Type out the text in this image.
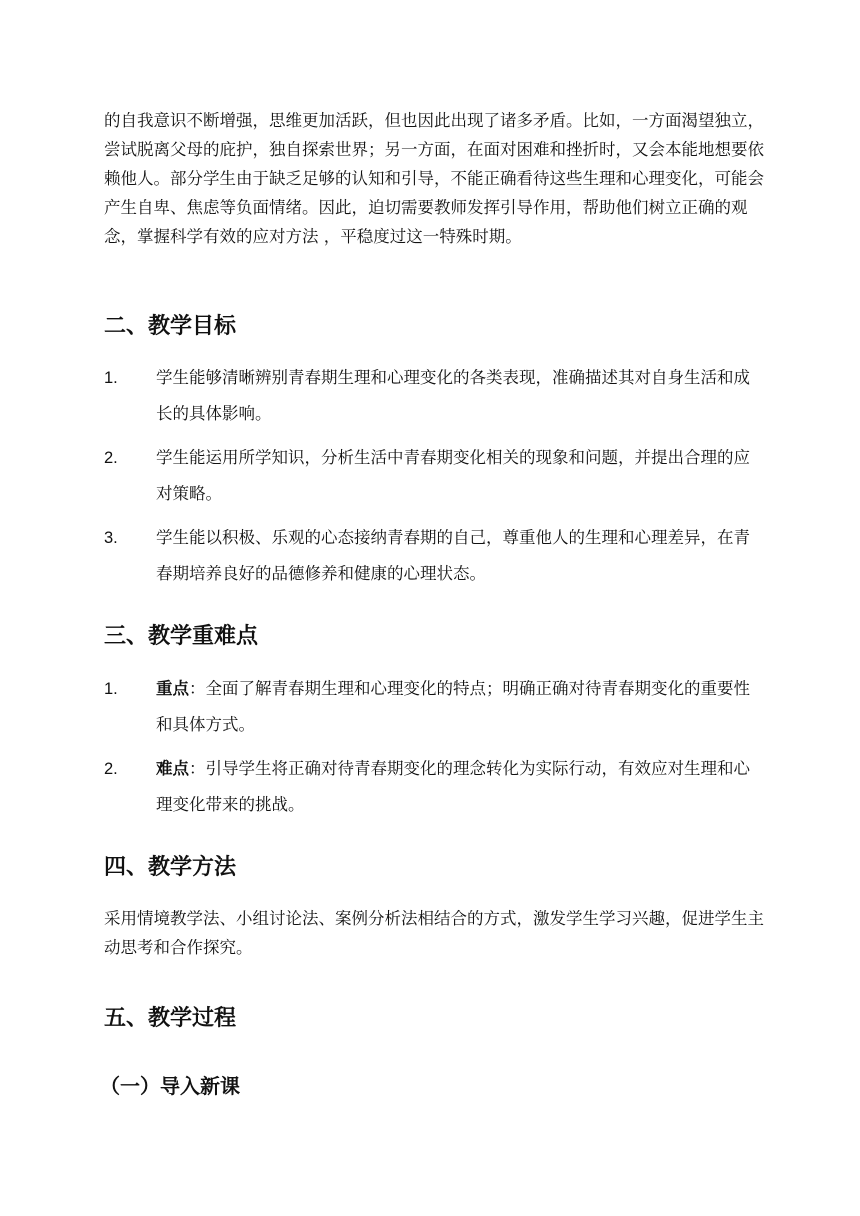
的自我意识不断增强，思维更加活跃，但也因此出现了诸多矛盾。比如，一方面渴望独立，尝试脱离父母的庇护，独自探索世界；另一方面，在面对困难和挫折时，又会本能地想要依赖他人。部分学生由于缺乏足够的认知和引导，不能正确看待这些生理和心理变化，可能会产生自卑、焦虑等负面情绪。因此，迫切需要教师发挥引导作用，帮助他们树立正确的观念，掌握科学有效的应对方法 ，平稳度过这一特殊时期。
二、教学目标
1. 学生能够清晰辨别青春期生理和心理变化的各类表现，准确描述其对自身生活和成长的具体影响。
2. 学生能运用所学知识，分析生活中青春期变化相关的现象和问题，并提出合理的应对策略。
3. 学生能以积极、乐观的心态接纳青春期的自己，尊重他人的生理和心理差异，在青春期培养良好的品德修养和健康的心理状态。
三、教学重难点
1. 重点：全面了解青春期生理和心理变化的特点；明确正确对待青春期变化的重要性和具体方式。
2. 难点：引导学生将正确对待青春期变化的理念转化为实际行动，有效应对生理和心理变化带来的挑战。
四、教学方法
采用情境教学法、小组讨论法、案例分析法相结合的方式，激发学生学习兴趣，促进学生主动思考和合作探究。
五、教学过程
（一）导入新课
